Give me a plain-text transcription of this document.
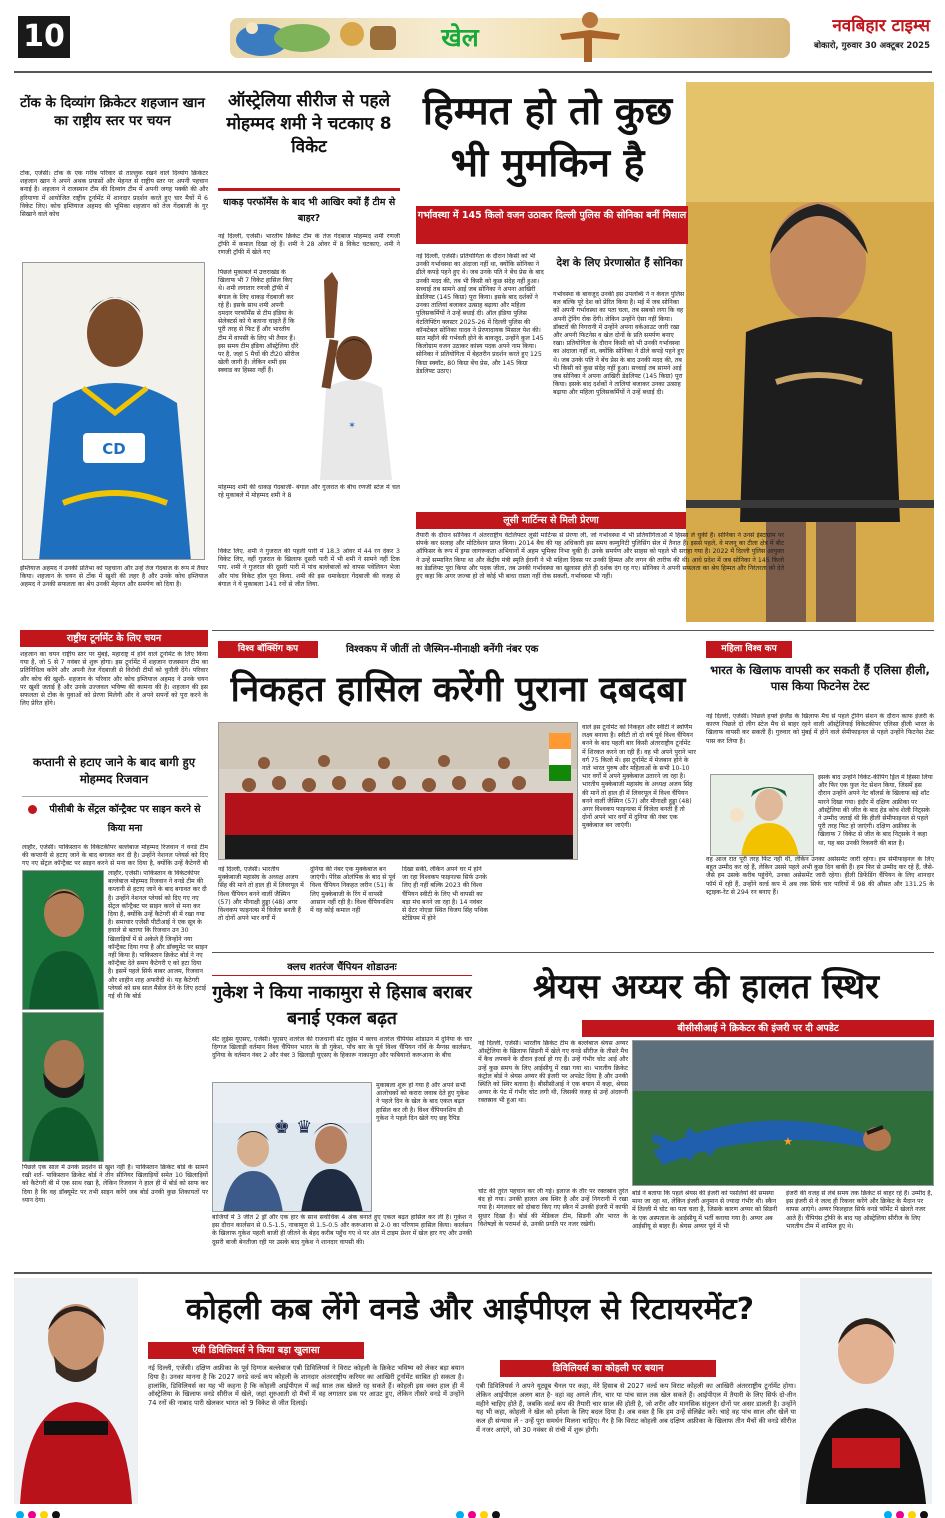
10	खेल	नवबिहार टाइम्स
बोकारो, गुरुवार 30 अक्टूबर 2025
टोंक के दिव्यांग क्रिकेटर शहजान खान का राष्ट्रीय स्तर पर चयन
टोंक, एजेंसी। टोंक के एक गरीब परिवार से ताल्लुक रखने वाले दिव्यांग क्रिकेटर शहजान खान ने अपने अथक प्रयासों और मेहनत से राष्ट्रीय स्तर पर अपनी पहचान बनाई है। शहजान ने राजस्थान टीम की दिव्यांग टीम में अपनी जगह पक्की की और हरियाणा में आयोजित राष्ट्रीय टूर्नामेंट में शानदार प्रदर्शन करते हुए चार मैचों में 6 विकेट लिए। कोच इम्तियाज अहमद की भूमिका शहजान को तेज गेंदबाजी के गुर सिखाने वाले कोच
CD
इम्तियाज अहमद ने उनकी प्रतिभा को पहचाना और उन्हें तेज गेंदबाज के रूप में तैयार किया। शहजान के चयन से टोंक में खुशी की लहर है और उनके कोच इम्तियाज अहमद ने उनकी सफलता का श्रेय उनकी मेहनत और समर्पण को दिया है।
राष्ट्रीय टूर्नामेंट के लिए चयन
शहजान का चयन राष्ट्रीय स्तर पर मुंबई, महाराष्ट्र में होने वाले टूर्नामेंट के लिए किया गया है, जो 5 से 7 नवंबर से शुरू होगा। इस टूर्नामेंट में शहजान राजस्थान टीम का प्रतिनिधित्व करेंगे और अपनी तेज गेंदबाजी से विरोधी टीमों को चुनौती देंगे। परिवार और कोच की खुशी- शहजान के परिवार और कोच इम्तियाज अहमद ने उनके चयन पर खुशी जताई है और उनके उज्जवल भविष्य की कामना की है। शहजान की इस सफलता से टोंक के युवाओं को प्रेरणा मिलेगी और वे अपने सपनों को पूरा करने के लिए प्रेरित होंगे।
कप्तानी से हटाए जाने के बाद बागी हुए मोहम्मद रिजवान
पीसीबी के सेंट्रल कॉन्ट्रैक्ट पर साइन करने से किया मना
लाहौर, एजेंसी। पाकिस्तान के विकेटकीपर बल्लेबाज मोहम्मद रिजवान ने वनडे टीम की कप्तानी से हटाए जाने के बाद बगावत कर दी है। उन्होंने नेशनल प्लेयर्स को दिए गए नए सेंट्रल कॉन्ट्रैक्ट पर साइन करने से मना कर दिया है, क्योंकि उन्हें कैटेगरी बी
लाहौर, एजेंसी। पाकिस्तान के विकेटकीपर बल्लेबाज मोहम्मद रिजवान ने वनडे टीम की कप्तानी से हटाए जाने के बाद बगावत कर दी है। उन्होंने नेशनल प्लेयर्स को दिए गए नए सेंट्रल कॉन्ट्रैक्ट पर साइन करने से मना कर दिया है, क्योंकि उन्हें कैटेगरी बी में रखा गया है। समाचार एजेंसी पीटीआई ने एक सूत्र के हवाले से बताया कि रिजवान उन 30 खिलाड़ियों में से अकेले हैं जिन्होंने नया कॉन्ट्रैक्ट दिया गया है और डॉक्यूमेंट पर साइन नहीं किया है। पाकिस्तान क्रिकेट बोर्ड ने नए कॉन्ट्रैक्ट देते समय कैटेगरी ए को हटा दिया है। इसमें पहले सिर्फ बाबर आजम, रिजवान और शाहीन शाह अफरीदी थे। यह कैटेगरी प्लेयर्स को सब साल मैसेज देने के लिए हटाई गई थी कि बोर्ड
पिछले एक साल में उनके प्रदर्शन से खुश नहीं है। पाकिस्तान क्रिकेट बोर्ड के सामने रखी शर्त- पाकिस्तान क्रिकेट बोर्ड ने तीन सीनियर खिलाड़ियों समेत 10 खिलाड़ियों को कैटेगरी बी में एक साथ रखा है, लेकिन रिजवान ने हाल ही में बोर्ड को साफ कर दिया है कि वह डॉक्यूमेंट पर तभी साइन करेंगे जब बोर्ड उनकी कुछ शिकायतों पर ध्यान देगा।
ऑस्ट्रेलिया सीरीज से पहले मोहम्मद शमी ने चटकाए 8 विकेट
धाकड़ परफॉर्मेंस के बाद भी आखिर क्यों हैं टीम से बाहर?
नई दिल्ली, एजेंसी। भारतीय क्रिकेट टीम के तेज गेंदबाज मोहम्मद शमी रणजी ट्रॉफी में कमाल दिखा रहे हैं। शमी ने 28 ओवर में 8 विकेट चटकाए, शमी ने रणजी ट्रॉफी में खेले गए
पिछले मुकाबले में उत्तराखंड के खिलाफ भी 7 विकेट हासिल किए थे। शमी लगातार रणजी ट्रॉफी में बंगाल के लिए धाकड़ गेंदबाजी कर रहे हैं। इसके साथ शमी अपनी दमदार परफॉर्मेंस से टीम इंडिया के सेलेक्टर्स को ये बताना चाहते हैं कि पूरी तरह से फिट हैं और भारतीय टीम में वापसी के लिए भी तैयार हैं। इस समय टीम इंडिया ऑस्ट्रेलिया दौरे पर है, जहां 5 मैचों की टी20 सीरीज खेली जानी है। लेकिन शमी इस स्क्वाड का हिस्सा नहीं हैं।
✶
मोहम्मद शमी की धाकड़ गेंदबाजी- बंगाल और गुजरात के बीच रणजी स्टेज में चल रहे मुकाबले में मोहम्मद शमी ने 8
विकेट लिए. शमी ने गुजरात की पहली पारी में 18.3 ओवर में 44 रन देकर 3 विकेट लिए, वहीं गुजरात के खिलाफ दूसरी पारी में भी शमी ने सामने नहीं टिक पाए. शमी ने गुजरात की दूसरी पारी में पांच बल्लेबाजों को वापस पवेलियन भेजा और पांच विकेट हॉल पूरा किया. शमी की इस धमाकेदार गेंदबाजी की वजह से बंगाल ने ये मुकाबला 141 रनों से जीत लिया.
हिम्मत हो तो कुछ भी मुमकिन है
गर्भावस्था में 145 किलो वजन उठाकर दिल्ली पुलिस की सोनिका बनीं मिसाल
नई दिल्ली, एजेंसी। प्रतियोगिता के दौरान किसी को भी उनकी गर्भावस्था का अंदाजा नहीं था, क्योंकि सोनिका ने ढीले कपड़े पहने हुए थे। जब उनके पति ने बेंच प्रेस के बाद उनकी मदद की, तब भी किसी को कुछ संदेह नहीं हुआ। सच्चाई तब सामने आई जब सोनिका ने अपना आखिरी डेडलिफ्ट (145 किग्रा) पूरा किया। इसके बाद दर्शकों ने उनका तालियां बजाकर उत्साह बढ़ाया और महिला पुलिसकर्मियों ने उन्हें बधाई दी। ऑल इंडिया पुलिस वेटलिफ्टिंग क्लस्टर 2025-26 में दिल्ली पुलिस की कॉन्स्टेबल सोनिका यादव ने प्रेरणादायक मिसाल पेश की। सात महीने की गर्भवती होने के बावजूद, उन्होंने कुल 145 किलोग्राम वजन उठाकर कांस्य पदक अपने नाम किया। सोनिका ने प्रतियोगिता में बेहतरीन प्रदर्शन करते हुए 125 किग्रा स्क्वॉट, 80 किग्रा बेंच प्रेस, और 145 किग्रा डेडलिफ्ट उठाए।
देश के लिए प्रेरणास्रोत हैं सोनिका
गर्भावस्था के बावजूद उनकी इस उपलब्धि ने न केवल पुलिस बल बल्कि पूरे देश को प्रेरित किया है। मई में जब सोनिका को अपनी गर्भावस्था का पता चला, तब सबको लगा कि वह अपनी ट्रेनिंग रोक देंगी। लेकिन उन्होंने ऐसा नहीं किया। डॉक्टरों की निगरानी में उन्होंने अपना वर्कआउट जारी रखा और अपनी फिटनेस व खेल दोनों के प्रति समर्पण बनाए रखा। प्रतियोगिता के दौरान किसी को भी उनकी गर्भावस्था का अंदाजा नहीं था, क्योंकि सोनिका ने ढीले कपड़े पहने हुए थे। जब उनके पति ने बेंच प्रेस के बाद उनकी मदद की, तब भी किसी को कुछ संदेह नहीं हुआ। सच्चाई तब सामने आई जब सोनिका ने अपना आखिरी डेडलिफ्ट (145 किग्रा) पूरा किया। इसके बाद दर्शकों ने तालियां बजाकर उनका उत्साह बढ़ाया और महिला पुलिसकर्मियों ने उन्हें बधाई दी।
लूसी मार्टिन्स से मिली प्रेरणा
तैयारी के दौरान सोनिका ने अंतरराष्ट्रीय वेटलिफ्टर लूसी मार्टिन्स से प्रेरणा ली, जो गर्भावस्था में भी प्रतियोगिताओं में हिस्सा ले चुकी हैं। सोनिका ने उनसे इंस्टाग्राम पर संपर्क कर सलाह और मोटिवेशन प्राप्त किया। 2014 बैच की यह अधिकारी इस समय कम्युनिटी पुलिसिंग सेल में तैनात हैं। इससे पहले, वे मजनू का टीला क्षेत्र में बीट ऑफिसर के रूप में ड्रग्स जागरूकता अभियानों में अहम भूमिका निभा चुकी हैं। उनके समर्पण और साहस को पहले भी सराहा गया है। 2022 में दिल्ली पुलिस आयुक्त ने उन्हें सम्मानित किया था और केंद्रीय मंत्री स्मृति ईरानी ने भी महिला दिवस पर उनकी हिम्मत और लगन की तारीफ की थी। आधे प्रदेश में जब सोनिका ने 145 किलो का डेडलिफ्ट पूरा किया और पदक जीता, तब उनकी गर्भावस्था का खुलासा होते ही दर्शक दंग रह गए। सोनिका ने अपनी सफलता का श्रेय हिम्मत और निरंतरता को देते हुए कहा कि अगर जज्बा हो तो कोई भी बाधा रास्ता नहीं रोक सकती, गर्भावस्था भी नहीं।
विश्व बॉक्सिंग कप	विश्वकप में जीतीं तो जैस्मिन-मीनाक्षी बनेंगी नंबर एक
निकहत हासिल करेंगी पुराना दबदबा
नई दिल्ली, एजेंसी। भारतीय मुक्केबाजी महासंघ के अध्यक्ष अजय सिंह की माने तो हाल ही में लिवरपूल में विश्व चैंपियन बनने वालीं जैस्मिन (57) और मीनाक्षी हुड्डा (48) अगर विश्वकप फाइनल्स में विजेता बनती हैं तो दोनों अपने भार वर्गों में
दुनिया की नंबर एक मुक्केबाज बन जाएंगी। पेरिस ओलंपिक के बाद से पूर्व विश्व चैंपियन निकहत जरीन (51) के लिए मुक्केबाजी के रिंग में वापसी आसान नहीं रही है। विश्व चैंपियनशिप में वह कोई कमाल नहीं
दिखा सकीं, लेकिन अपने घर में होने जा रहा विश्वकप फाइनल्स सिर्फ उनके लिए ही नहीं बल्कि 2023 की विश्व चैंपियन स्वीटी के लिए भी वापसी का बड़ा मंच बनने जा रहा है। 14 नवंबर से ग्रेटर नोएडा स्थित विजय सिंह पथिक स्टेडियम में होने
वाले इस टूर्नामेंट को निकहत और स्वीटी ने स्वर्णिम लक्ष्य बनाया है। स्वीटी तो दो वर्ष पूर्व विश्व चैंपियन बनने के बाद पहली बार किसी अंतरराष्ट्रीय टूर्नामेंट में शिरकत करने जा रही हैं। वह भी अपने पुराने भार वर्ग 75 किलो में। इस टूर्नामेंट में मेजबान होने के नाते भारत पुरुष और महिलाओं के सभी 10-10 भार वर्गों में अपने मुक्केबाज उतारने जा रहा है। भारतीय मुक्केबाजी महासंघ के अध्यक्ष अजय सिंह की मानें तो हाल ही में लिवरपूल में विश्व चैंपियन बनने वालीं जैस्मिन (57) और मीनाक्षी हुड्डा (48) अगर विश्वकप फाइनल्स में विजेता बनती हैं तो दोनों अपने भार वर्गों में दुनिया की नंबर एक मुक्केबाज बन जाएंगी।
महिला विश्व कप
भारत के खिलाफ वापसी कर सकती हैं एलिसा हीली, पास किया फिटनेस टेस्ट
नई दिल्ली, एजेंसी। पिछले हफ्ते इंग्लैंड के खिलाफ मैच से पहले ट्रेनिंग सेशन के दौरान काफ इंजरी के कारण पिछले दो लीग स्टेज मैच से बाहर रहने वाली ऑस्ट्रेलियाई विकेटकीपर एलिसा हीली भारत के खिलाफ वापसी कर सकती हैं। गुरुवार को मुंबई में होने वाले सेमीफाइनल से पहले उन्होंने फिटनेस टेस्ट पास कर लिया है।
इसके बाद उन्होंने विकेट-कीपिंग ड्रिल में हिस्सा लिया और फिर एक फुल नेट सेशन किया, जिसमें इस दौरान उन्होंने अपने नेट बॉलर्स के खिलाफ बड़े शॉट मारने दिखा गया। इंदौर में दक्षिण अफ्रीका पर ऑस्ट्रेलिया की जीत के बाद हेड कोच शेली निट्सके ने उम्मीद जताई थी कि हीली सेमीफाइनल से पहले पूरी तरह फिट हो जाएंगी। दक्षिण अफ्रीका के खिलाफ 7 विकेट से जीत के बाद निट्सके ने कहा था, यह बस उनकी रिकवरी की बात है।
वह आज रात पूरी तरह फिट नहीं थीं, लेकिन उनका असेसमेंट जारी रहेगा। हम सेमीफाइनल के लिए बहुत उम्मीद कर रहे हैं, लेकिन उससे पहले अभी कुछ दिन बाकी हैं। हम फिर से उम्मीद कर रहे हैं, जैसे-जैसे हम उसके करीब पहुंचेंगे, उनका असेसमेंट जारी रहेगा। हीली डिफेंडिंग चैंपियन के लिए शानदार फॉर्म में रही हैं, उन्होंने वर्ल्ड कप में अब तक सिर्फ चार पारियों में 98 की औसत और 131.25 के स्ट्राइक-रेट से 294 रन बनाए हैं।
क्लच शतरंज चैंपियन शोडाउनः
गुकेश ने किया नाकामुरा से हिसाब बराबर बनाई एकल बढ़त
सेंट लुईस यूएसए, एजेंसी। यूएसए शतरंज की राजधानी सेंट लुईस में क्लच शतरंज चैंपियंस शोडाउन में दुनिया के चार दिग्गज खिलाड़ी वर्तमान विश्व चैंपियन भारत के डी गुकेश, पाँच बार के पूर्व विश्व चैंपियन नॉर्वे के मैग्नस कार्लसन, दुनिया के वर्तमान नंबर 2 और नंबर 3 खिलाड़ी यूएसए के हिकारू नाकामुरा और फबियानो करूआना के बीच
♚ ♛
मुकाबला शुरू हो गया है और अपने सभी आलोचकों को करारा जवाब देते हुए गुकेश ने पहले दिन के खेल के बाद एकल बढ़त हासिल कर ली है। विश्व चैंपियनशिप डी गुकेश ने पहले दिन खेले गए छह रैपिड
बाजियों में 3 जीत 2 ड्रॉ और एक हार के साथ सर्वाधिक 4 अंक बनाते हुए एकल बढ़त हासिल कर ली है। गुकेश ने इस दौरान कार्लसन से 0.5-1.5, नाकामुरा से 1.5-0.5 और करूआना से 2-0 का परिणाम हासिल किया। कार्लसन के खिलाफ गुकेश पहली बाजी ही जीतने के बेहद करीब पहुँच गए थे पर अंत में टाइम प्रेशर में खेल हार गए और उनकी दूसरी बाजी बेनतीजा रही पर उसके बाद गुकेश ने शानदार वापसी की।
श्रेयस अय्यर की हालत स्थिर
बीसीसीआई ने क्रिकेटर की इंजरी पर दी अपडेट
नई दिल्ली, एजेंसी। भारतीय क्रिकेट टीम के बल्लेबाज श्रेयस अय्यर ऑस्ट्रेलिया के खिलाफ सिडनी में खेले गए वनडे सीरीज के तीसरे मैच में कैच लपकने के दौरान इंजर्ड हो गए हैं। उन्हें गंभीर चोट आई और उन्हें कुछ समय के लिए आईसीयू में रखा गया था। भारतीय क्रिकेट कंट्रोल बोर्ड ने श्रेयस अय्यर की इंजरी पर अपडेट दिया है और उनकी स्थिति को स्थिर बताया है। बीसीसीआई ने एक बयान में कहा, श्रेयस अय्यर के पेट में गंभीर चोट लगी थी, जिसकी वजह से उन्हें अंदरूनी रक्तस्राव भी हुआ था।
चोट की तुरंत पहचान कर ली गई। इलाज के तौर पर रक्तस्राव तुरंत बंद हो गया। उनकी हालत अब स्थिर है और उन्हें निगरानी में रखा गया है। मंगलवार को दोबारा किए गए स्कैन में उनकी इंजरी में काफी सुधार दिखा है। बोर्ड की मेडिकल टीम, सिडनी और भारत के विशेषज्ञों के परामर्श से, उनकी प्रगति पर नजर रखेगी।
★
बोर्ड ने बताया कि पहले श्रेयस की इंजरी को पसलियों की समस्या माना जा रहा था, लेकिन इंजरी अनुमान से ज्यादा गंभीर थी। स्कैन में तिल्ली में चोट का पता चला है, जिसके कारण अय्यर को सिडनी के एक अस्पताल के आईसीयू में भर्ती कराया गया है। अय्यर अब आईसीयू से बाहर हैं। श्रेयस अय्यर पूर्व में भी
इंजरी की वजह से लंबे समय तक क्रिकेट से बाहर रहे हैं। उम्मीद है, इस इंजरी से वे जल्द ही रिकवर करेंगे और क्रिकेट के मैदान पर वापस आएंगे। अय्यर फिलहाल सिर्फ वनडे फॉर्मेट में खेलते नजर आते हैं। चैंपियंस ट्रॉफी के बाद यह ऑस्ट्रेलिया सीरीज के लिए भारतीय टीम में शामिल हुए थे।
कोहली कब लेंगे वनडे और आईपीएल से रिटायरमेंट?
एबी डिविलियर्स ने किया बड़ा खुलासा
डिविलियर्स का कोहली पर बयान
नई दिल्ली, एजेंसी। दक्षिण अफ्रीका के पूर्व दिग्गज बल्लेबाज एबी डिविलियर्स ने विराट कोहली के क्रिकेट भविष्य को लेकर बड़ा बयान दिया है। उनका मानना है कि 2027 वनडे वर्ल्ड कप कोहली के शानदार अंतरराष्ट्रीय करियर का आखिरी टूर्नामेंट साबित हो सकता है। हालांकि, डिविलियर्स का यह भी कहना है कि कोहली आईपीएल में कई साल तक खेलते रह सकते हैं। कोहली इस वक्त हाल ही में ऑस्ट्रेलिया के खिलाफ वनडे सीरीज में खेले, जहां शुरुआती दो मैचों में वह लगातार डक पर आउट हुए, लेकिन तीसरे वनडे में उन्होंने 74 रनों की नाबाद पारी खेलकर भारत को 9 विकेट से जीत दिलाई।
एबी डिविलियर्स ने अपने यूट्यूब चैनल पर कहा, मेरे हिसाब से 2027 वर्ल्ड कप विराट कोहली का आखिरी अंतरराष्ट्रीय टूर्नामेंट होगा। लेकिन आईपीएल अलग बात है- वहां वह अगले तीन, चार या पांच साल तक खेल सकते हैं। आईपीएल में तैयारी के लिए सिर्फ दो-तीन महीने चाहिए होते हैं, जबकि वर्ल्ड कप की तैयारी चार साल की होती है, जो शरीर और मानसिक संतुलन दोनों पर असर डालती है। उन्होंने यह भी कहा, कोहली ने खेल को हमेशा के लिए बदल दिया है। अब वक्त है कि हम उन्हें सेलिब्रेट करें। चाहे वह पांच साल और खेलें या कल ही संन्यास लें - उन्हें पूरा समर्थन मिलना चाहिए। गैर है कि विराट कोहली अब दक्षिण अफ्रीका के खिलाफ तीन मैचों की वनडे सीरीज में नजर आएंगे, जो 30 नवंबर से रांची में शुरू होगी।
